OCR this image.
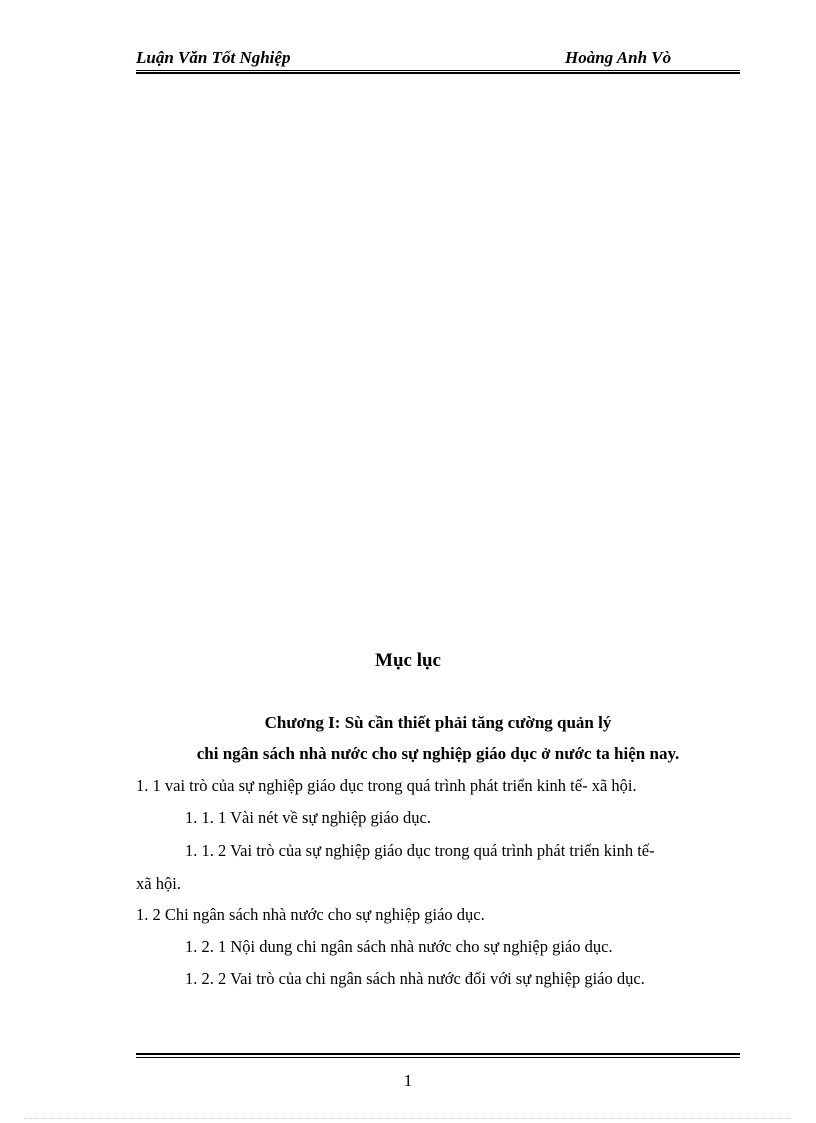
Luận Văn Tốt Nghiệp	Hoàng Anh Vò
Mục lục
Chương I: Sù cần thiết phải tăng cường quản lý
chi ngân sách nhà nước cho sự nghiệp giáo dục ở nước ta hiện nay.
1. 1 vai trò của sự nghiệp giáo dục trong quá trình phát triển kinh tế- xã hội.
1. 1. 1 Vài nét về sự nghiệp giáo dục.
1. 1. 2 Vai trò của sự nghiệp giáo dục trong quá trình phát triển kinh tế-
xã hội.
1. 2 Chi ngân sách nhà nước cho sự nghiệp giáo dục.
1. 2. 1 Nội dung chi ngân sách nhà nước cho sự nghiệp giáo dục.
1. 2. 2 Vai trò của chi ngân sách nhà nước đối với sự nghiệp giáo dục.
1
